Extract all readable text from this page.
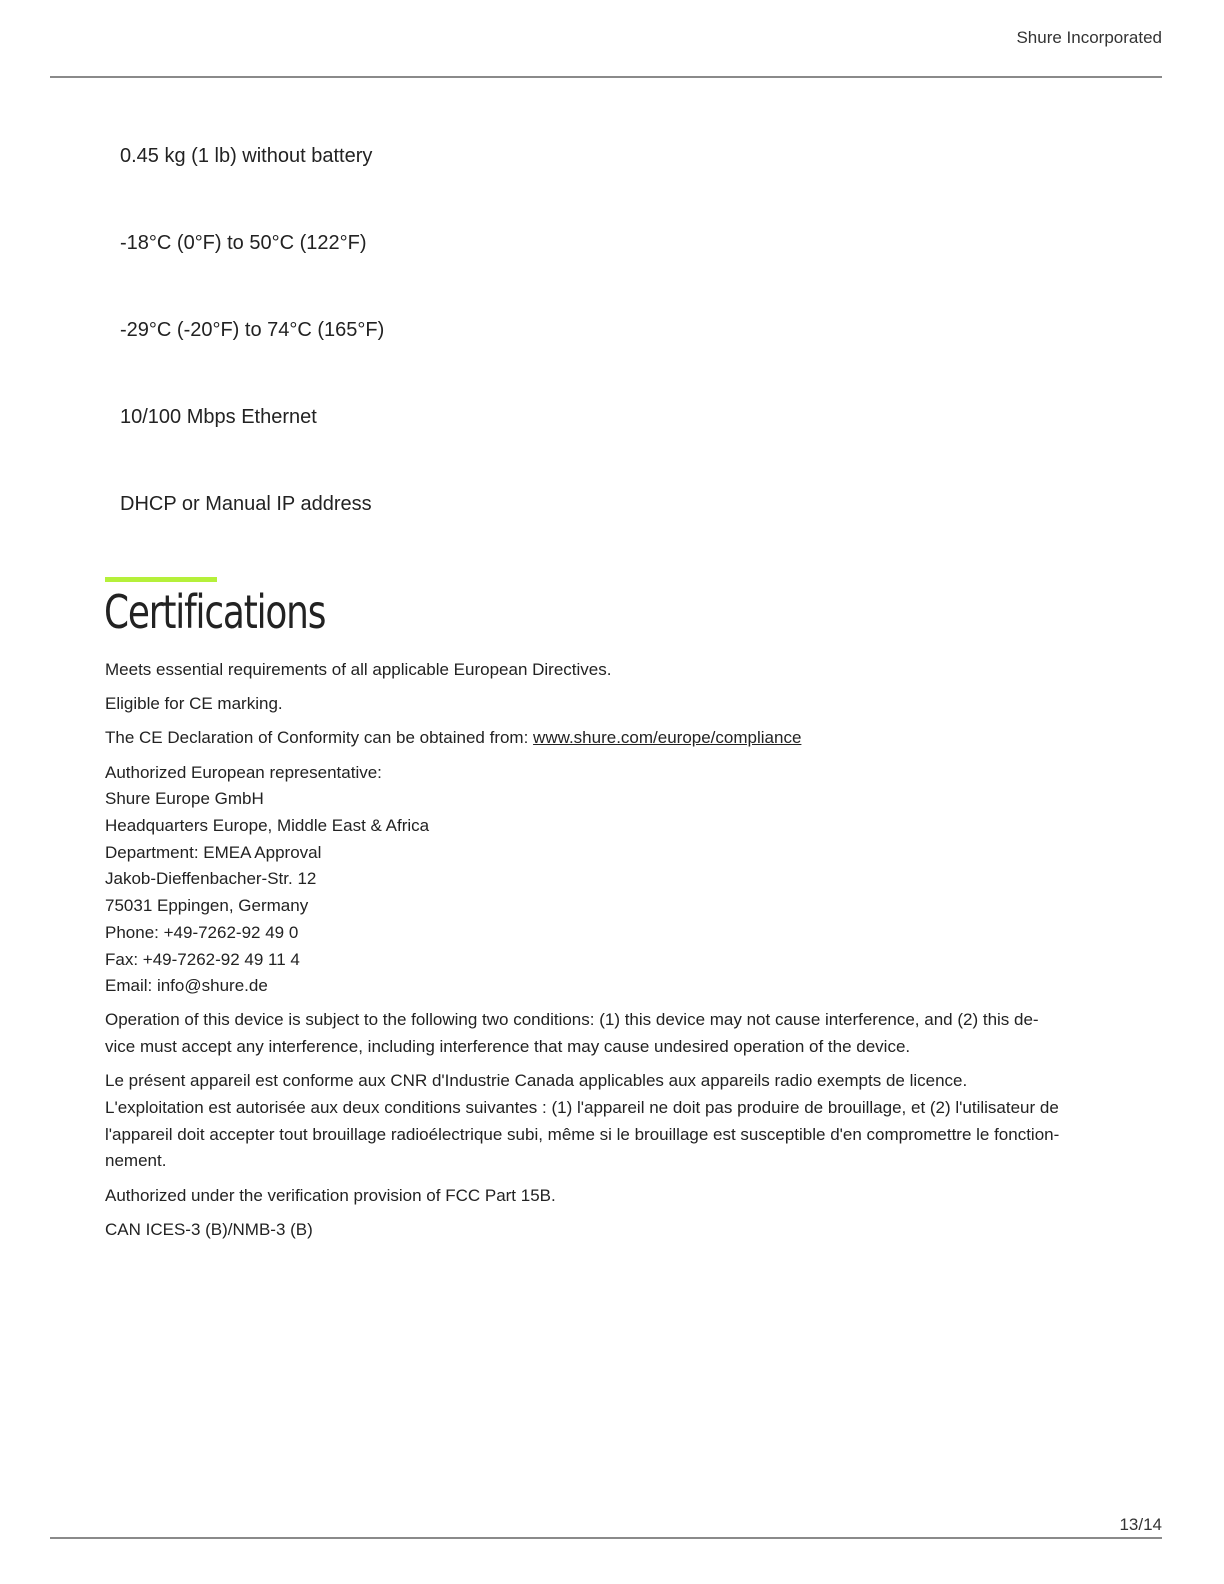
Shure Incorporated
0.45 kg (1 lb) without battery
-18°C (0°F) to 50°C (122°F)
-29°C (-20°F) to 74°C (165°F)
10/100 Mbps Ethernet
DHCP or Manual IP address
Certifications

Meets essential requirements of all applicable European Directives.

Eligible for CE marking.

The CE Declaration of Conformity can be obtained from: www.shure.com/europe/compliance

Authorized European representative:
Shure Europe GmbH
Headquarters Europe, Middle East & Africa
Department: EMEA Approval
Jakob-Dieffenbacher-Str. 12
75031 Eppingen, Germany
Phone: +49-7262-92 49 0
Fax: +49-7262-92 49 11 4
Email: info@shure.de

Operation of this device is subject to the following two conditions: (1) this device may not cause interference, and (2) this de-
vice must accept any interference, including interference that may cause undesired operation of the device.

Le présent appareil est conforme aux CNR d'Industrie Canada applicables aux appareils radio exempts de licence.
L'exploitation est autorisée aux deux conditions suivantes : (1) l'appareil ne doit pas produire de brouillage, et (2) l'utilisateur de
l'appareil doit accepter tout brouillage radioélectrique subi, même si le brouillage est susceptible d'en compromettre le fonction-
nement.

Authorized under the verification provision of FCC Part 15B.

CAN ICES-3 (B)/NMB-3 (B)

13/14
